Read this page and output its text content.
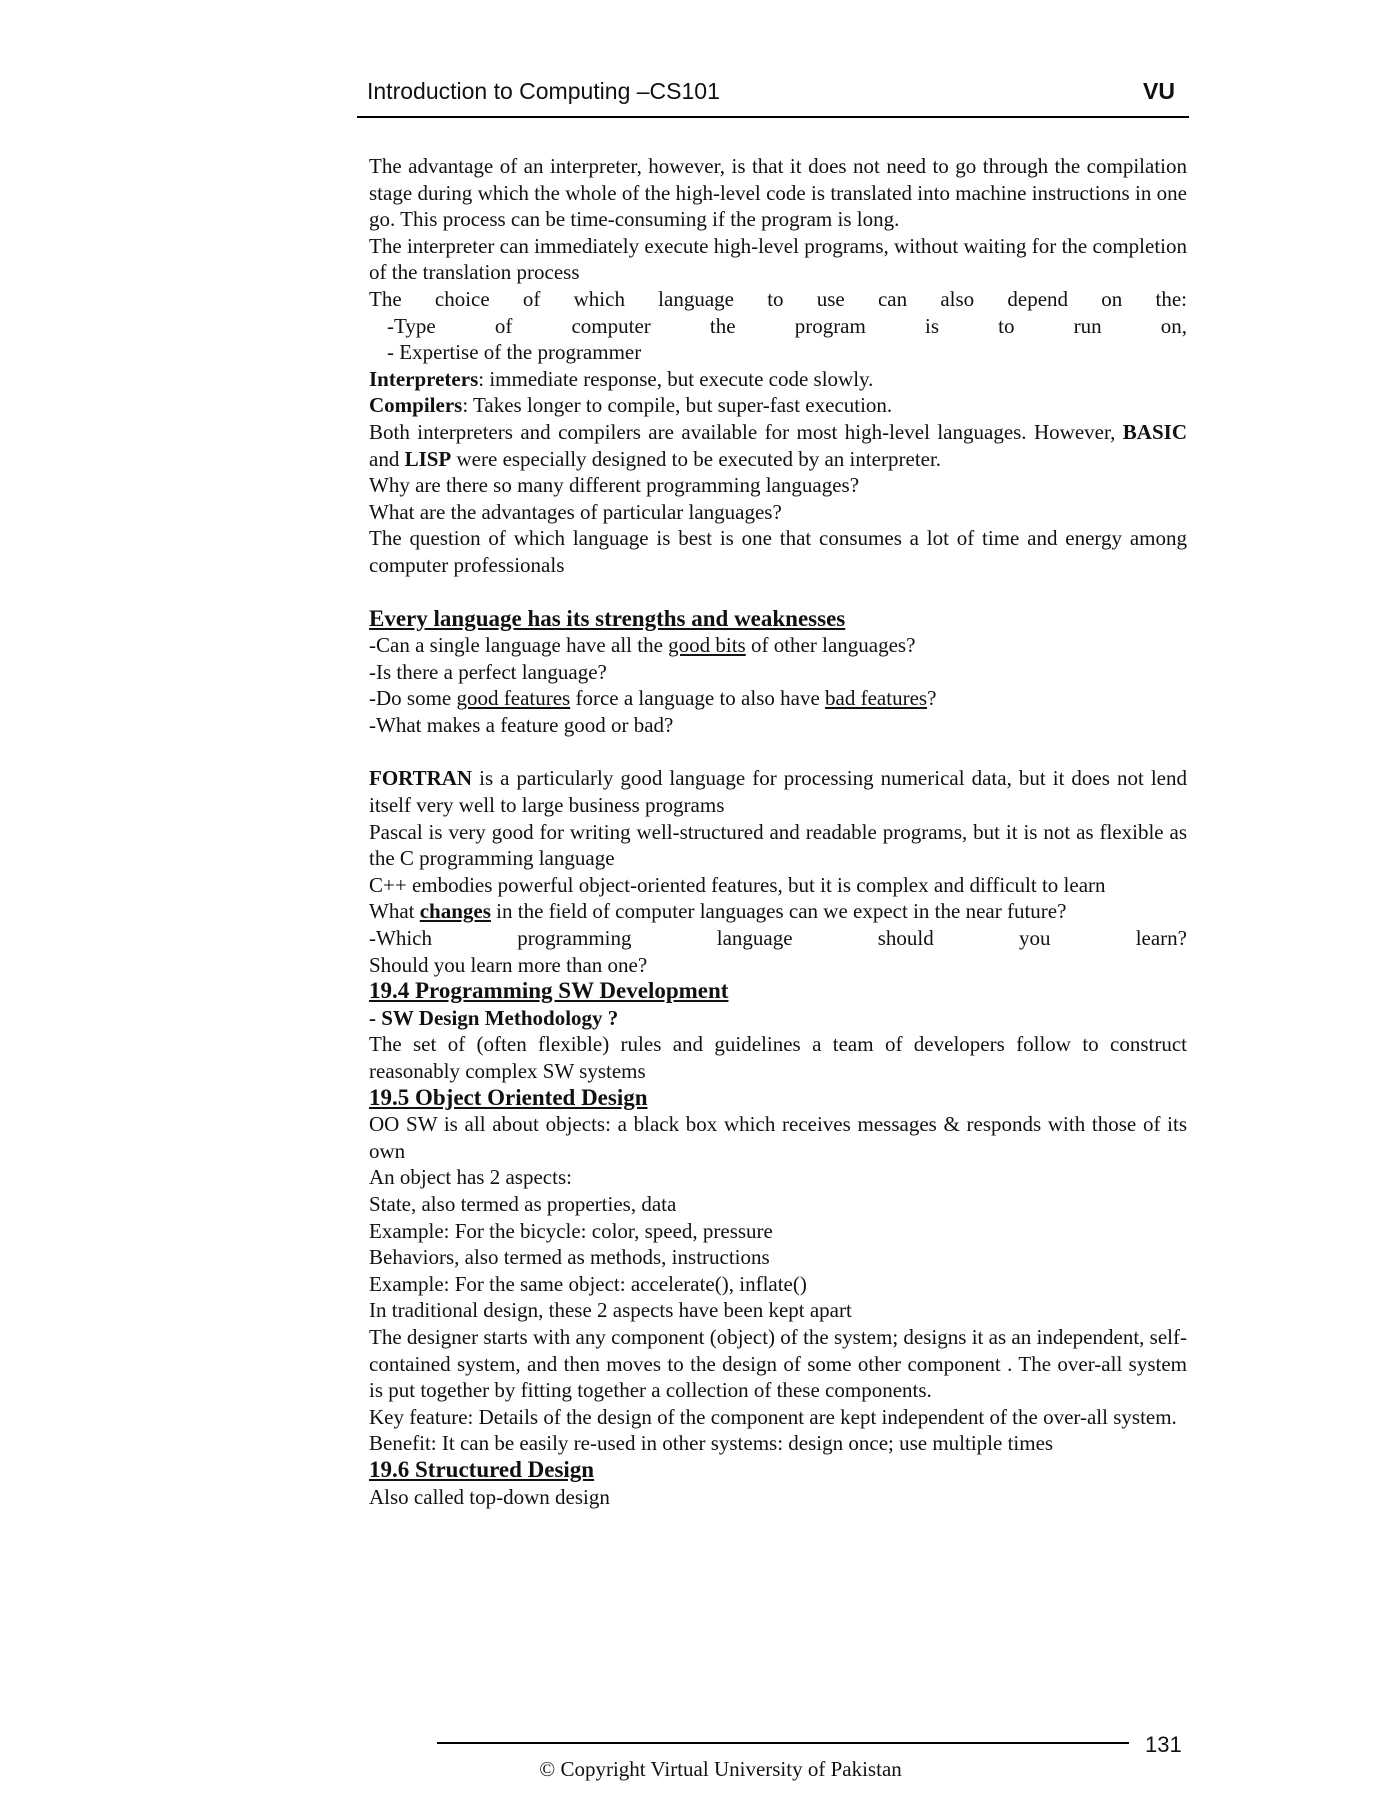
Introduction to Computing –CS101	VU

The advantage of an interpreter, however, is that it does not need to go through the compilation stage during which the whole of the high-level code is translated into machine instructions in one go. This process can be time-consuming if the program is long.

The interpreter can immediately execute high-level programs, without waiting for the completion of the translation process

The choice of which language to use can also depend on the:

-Type of computer the program is to run on,

- Expertise of the programmer

Interpreters: immediate response, but execute code slowly.

Compilers: Takes longer to compile, but super-fast execution.

Both interpreters and compilers are available for most high-level languages. However, BASIC and LISP were especially designed to be executed by an interpreter.

Why are there so many different programming languages?

What are the advantages of particular languages?

The question of which language is best is one that consumes a lot of time and energy among computer professionals

Every language has its strengths and weaknesses

-Can a single language have all the good bits of other languages?

-Is there a perfect language?

-Do some good features force a language to also have bad features?

-What makes a feature good or bad?

FORTRAN is a particularly good language for processing numerical data, but it does not lend itself very well to large business programs

Pascal is very good for writing well-structured and readable programs, but it is not as flexible as the C programming language

C++ embodies powerful object-oriented features, but it is complex and difficult to learn

What changes in the field of computer languages can we expect in the near future?

-Which programming language should you learn?

Should you learn more than one?

19.4 Programming SW Development

- SW Design Methodology ?

The set of (often flexible) rules and guidelines a team of developers follow to construct reasonably complex SW systems

19.5 Object Oriented Design

OO SW is all about objects: a black box which receives messages & responds with those of its own

An object has 2 aspects:

State, also termed as properties, data

Example: For the bicycle: color, speed, pressure

Behaviors, also termed as methods, instructions

Example: For the same object: accelerate(), inflate()

In traditional design, these 2 aspects have been kept apart

The designer starts with any component (object) of the system; designs it as an independent, self-contained system, and then moves to the design of some other component . The over-all system is put together by fitting together a collection of these components.

Key feature: Details of the design of the component are kept independent of the over-all system.

Benefit: It can be easily re-used in other systems: design once; use multiple times

19.6 Structured Design

Also called top-down design

131
© Copyright Virtual University of Pakistan
